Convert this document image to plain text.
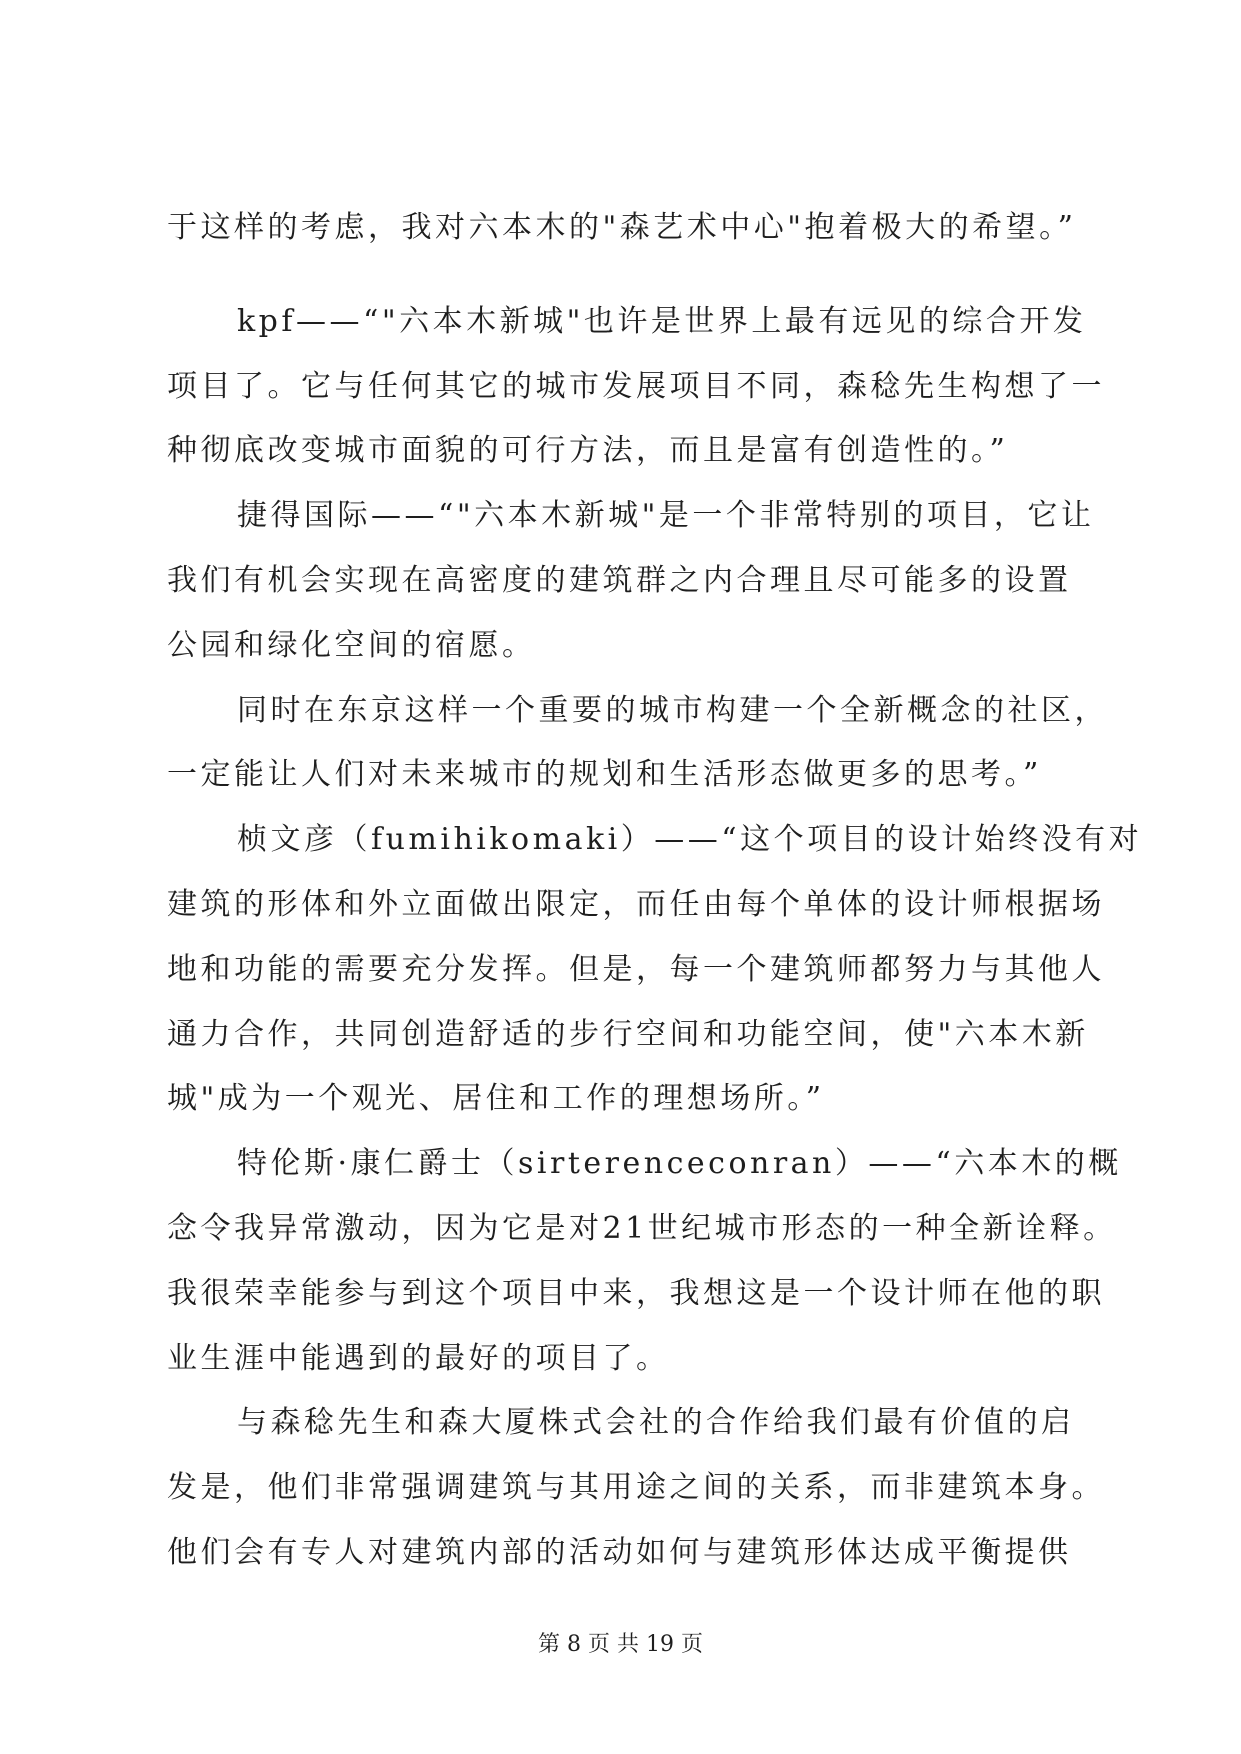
于这样的考虑，我对六本木的"森艺术中心"抱着极大的希望。”
kpf——“"六本木新城"也许是世界上最有远见的综合开发
项目了。它与任何其它的城市发展项目不同，森稔先生构想了一
种彻底改变城市面貌的可行方法，而且是富有创造性的。”
捷得国际——“"六本木新城"是一个非常特别的项目，它让
我们有机会实现在高密度的建筑群之内合理且尽可能多的设置
公园和绿化空间的宿愿。
同时在东京这样一个重要的城市构建一个全新概念的社区，
一定能让人们对未来城市的规划和生活形态做更多的思考。”
桢文彦（fumihikomaki）——“这个项目的设计始终没有对
建筑的形体和外立面做出限定，而任由每个单体的设计师根据场
地和功能的需要充分发挥。但是，每一个建筑师都努力与其他人
通力合作，共同创造舒适的步行空间和功能空间，使"六本木新
城"成为一个观光、居住和工作的理想场所。”
特伦斯·康仁爵士（sirterenceconran）——“六本木的概
念令我异常激动，因为它是对21世纪城市形态的一种全新诠释。
我很荣幸能参与到这个项目中来，我想这是一个设计师在他的职
业生涯中能遇到的最好的项目了。
与森稔先生和森大厦株式会社的合作给我们最有价值的启
发是，他们非常强调建筑与其用途之间的关系，而非建筑本身。
他们会有专人对建筑内部的活动如何与建筑形体达成平衡提供
第 8 页 共 19 页
